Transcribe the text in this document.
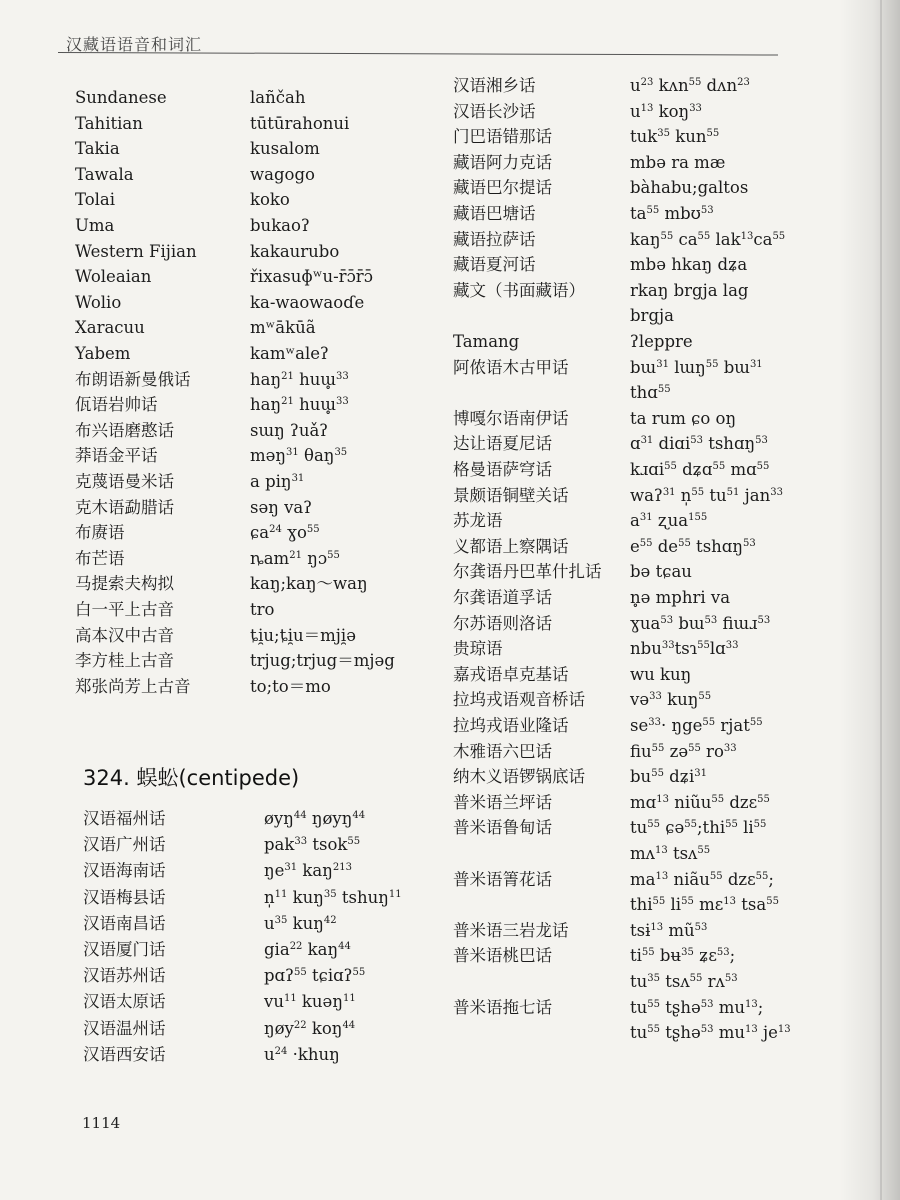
汉藏语语音和词汇
Sundanese	lañčah
Tahitian	tūtūrahonui
Takia	kusalom
Tawala	wagogo
Tolai	koko
Uma	bukaoʔ
Western Fijian	kakaurubo
Woleaian	řixasuɸʷu-r̄ɔ̄r̄ɔ̄
Wolio	ka-waowaoɗe
Xaracuu	mʷākūã
Yabem	kamʷaleʔ
布朗语新曼俄话	haŋ$^{21}$ huɯ̥$^{33}$
佤语岩帅话	haŋ$^{21}$ huɯ̥$^{33}$
布兴语磨憨话	sɯŋ ʔuǎʔ
莽语金平话	məŋ$^{31}$ θaŋ$^{35}$
克蔑语曼米话	a piŋ$^{31}$
克木语勐腊话	səŋ vaʔ
布赓语	ɕa$^{24}$ ɣo$^{55}$
布芒语	ȵam$^{21}$ ŋɔ$^{55}$
马提索夫构拟	kaŋ;kaŋ～waŋ
白一平上古音	tro
高本汉中古音	ȶi̯u;ȶi̯u＝mji̯ə
李方桂上古音	trjug;trjug＝mjəg
郑张尚芳上古音	to;to＝mo
324. 蜈蚣(centipede)
汉语福州话	øyŋ$^{44}$ ŋøyŋ$^{44}$
汉语广州话	pak$^{33}$ tsok$^{55}$
汉语海南话	$ŋe^{31}$ kaŋ$^{213}$
汉语梅县话	n̩$^{11}$ kuŋ$^{35}$ tshuŋ$^{11}$
汉语南昌话	$u^{35}$ kuŋ$^{42}$
汉语厦门话	gia$^{22}$ kaŋ$^{44}$
汉语苏州话	pɑʔ$^{55}$ tɕiɑʔ$^{55}$
汉语太原话	$vu^{11}$ kuəŋ$^{11}$
汉语温州话	ŋøy$^{22}$ koŋ$^{44}$
汉语西安话	$u^{24}$ ·khuŋ
汉语湘乡话	$u^{23}$ kʌn$^{55}$ dʌn$^{23}$
汉语长沙话	$u^{13}$ koŋ$^{33}$
门巴语错那话	tuk$^{35}$ kun$^{55}$
藏语阿力克话	mbə ra mæ
藏语巴尔提话	bàhabu;galtos
藏语巴塘话	$ta^{55}$ mbʊ$^{53}$
藏语拉萨话	kaŋ$^{55}$ $ca^{55}$ $lak^{13}ca^{55}$
藏语夏河话	mbə hkaŋ dʑa
藏文（书面藏语）	rkaŋ brgja lag
brgja
Tamang	ʔleppre
阿侬语木古甲话	bɯ$^{31}$ lɯŋ$^{55}$ bɯ$^{31}$
thɑ$^{55}$
博嘎尔语南伊话	ta rum ɕo oŋ
达让语夏尼话	ɑ$^{31}$ diɑi$^{53}$ tshɑŋ$^{53}$
格曼语萨穹话	kɹɑi$^{55}$ dʑɑ$^{55}$ mɑ$^{55}$
景颇语铜壁关话	waʔ$^{31}$ n̩$^{55}$ $tu^{51}$ jan$^{33}$
苏龙语	$a^{31}$ ʐua$^{155}$
义都语上察隅话	$e^{55}$ $de^{55}$ tshɑŋ$^{53}$
尔龚语丹巴革什扎话 bə tɕau
尔龚语道孚话	n̥ə mphri va
尔苏语则洛话	ɣua$^{53}$ bɯ$^{53}$ fiɯɹ$^{53}$
贵琼语	nbu$^{33}$tsɿ$^{55}$lɑ$^{33}$
嘉戎语卓克基话	wu kuŋ
拉坞戎语观音桥话	və$^{33}$ kuŋ$^{55}$
拉坞戎语业隆话	$se^{33}\cdot$ ŋge$^{55}$ rjat$^{55}$
木雅语六巴话	fiu$^{55}$ zə$^{55}$ $ro^{33}$
纳木义语锣锅底话	$bu^{55}$ dʑi$^{31}$
普米语兰坪话	mɑ$^{13}$ niũu$^{55}$ dzɛ$^{55}$
普米语鲁甸话	$tu^{55}$ ɕə$^{55}$;thi$^{55}$ $li^{55}$
mʌ$^{13}$ tsʌ$^{55}$
普米语箐花话	$ma^{13}$ niãu$^{55}$ dzɛ$^{55}$;
thi$^{55}$ $li^{55}$ mɛ$^{13}$ tsa$^{55}$
普米语三岩龙话	tsɨ$^{13}$ $mũ^{53}$
普米语桃巴话	$ti^{55}$ bʉ$^{35}$ ʑɛ$^{53}$;
$tu^{35}$ tsʌ$^{55}$ rʌ$^{53}$
普米语拖七话	$tu^{55}$ tʂhə$^{53}$ $mu^{13}$;
$tu^{55}$ tʂhə$^{53}$ $mu^{13}$ $je^{13}$
1114
